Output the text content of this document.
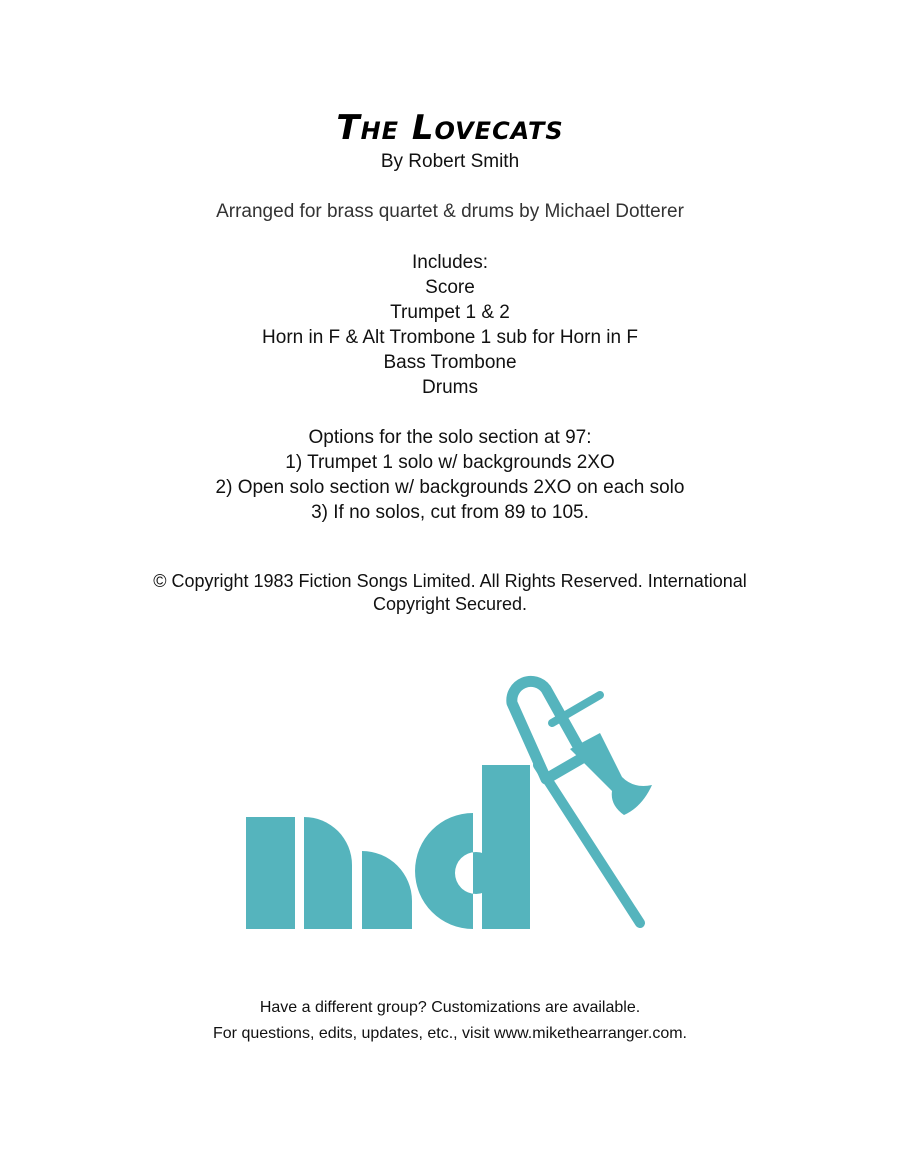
The Lovecats
By Robert Smith
Arranged for brass quartet & drums by Michael Dotterer
Includes:
Score
Trumpet 1 & 2
Horn in F & Alt Trombone 1 sub for Horn in F
Bass Trombone
Drums
Options for the solo section at 97:
1) Trumpet 1 solo w/ backgrounds 2XO
2) Open solo section w/ backgrounds 2XO on each solo
3) If no solos, cut from 89 to 105.
© Copyright 1983 Fiction Songs Limited. All Rights Reserved. International Copyright Secured.
Have a different group? Customizations are available.
For questions, edits, updates, etc., visit www.mikethearranger.com.
